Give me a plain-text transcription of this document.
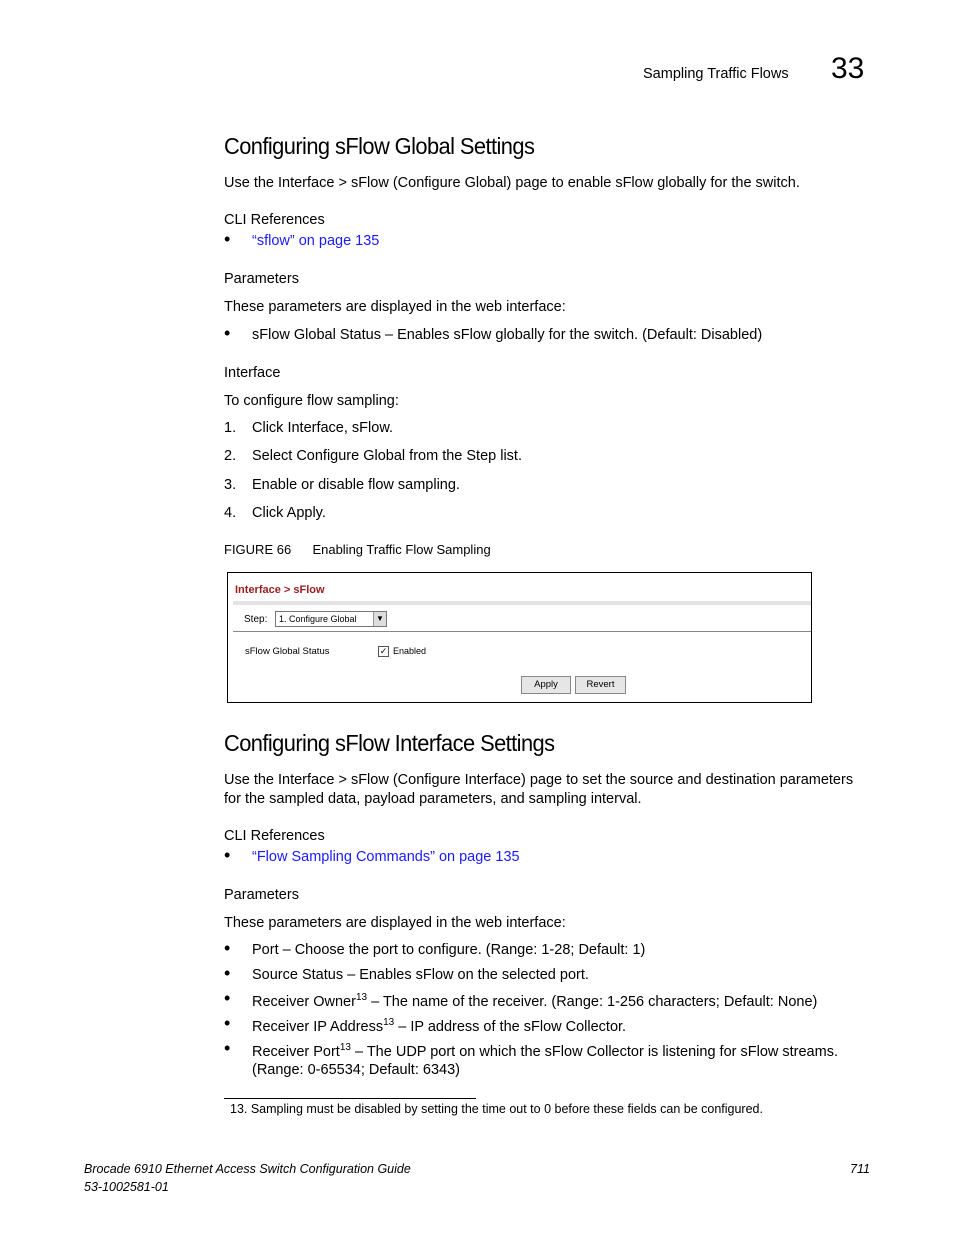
Sampling Traffic Flows 33
Configuring sFlow Global Settings
Use the Interface > sFlow (Configure Global) page to enable sFlow globally for the switch.
CLI References
• “sflow” on page 135
Parameters
These parameters are displayed in the web interface:
• sFlow Global Status – Enables sFlow globally for the switch. (Default: Disabled)
Interface
To configure flow sampling:
1. Click Interface, sFlow.
2. Select Configure Global from the Step list.
3. Enable or disable flow sampling.
4. Click Apply.
FIGURE 66 Enabling Traffic Flow Sampling
Interface > sFlow
Step: 1. Configure Global	▼
sFlow Global Status	✓ Enabled
Apply	Revert
Configuring sFlow Interface Settings
Use the Interface > sFlow (Configure Interface) page to set the source and destination parameters
for the sampled data, payload parameters, and sampling interval.
CLI References
• “Flow Sampling Commands” on page 135
Parameters
These parameters are displayed in the web interface:
• Port – Choose the port to configure. (Range: 1-28; Default: 1)
• Source Status – Enables sFlow on the selected port.
• Receiver Owner$^{13}$ – The name of the receiver. (Range: 1-256 characters; Default: None)
• Receiver IP Address$^{13}$ – IP address of the sFlow Collector.
• Receiver Port$^{13}$ – The UDP port on which the sFlow Collector is listening for sFlow streams.
(Range: 0-65534; Default: 6343)
13. Sampling must be disabled by setting the time out to 0 before these fields can be configured.
Brocade 6910 Ethernet Access Switch Configuration Guide
53-1002581-01
711
